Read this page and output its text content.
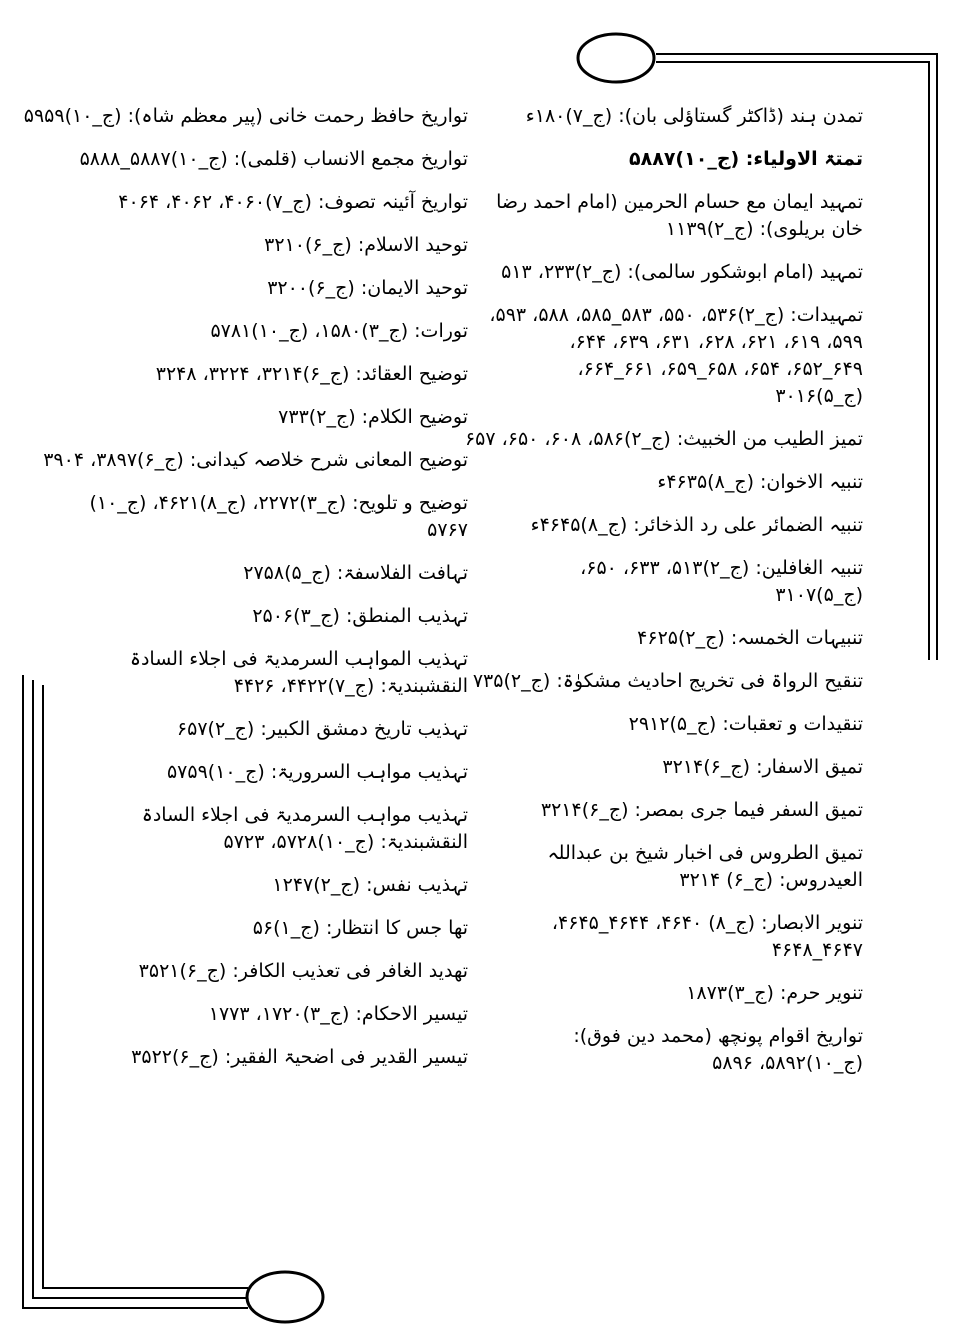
تمدن ہند (ڈاکٹر گستاؤلی بان): (ج_۷)۱۸۰ء
تمتۃ الاولیاء: (ج_۱۰)۵۸۸۷
تمہید ایمان مع حسام الحرمین (امام احمد رضا خان بریلوی): (ج_۲)۱۱۳۹
تمہید (امام ابوشکور سالمی): (ج_۲)۲۳۳، ۵۱۳
تمہیدات: (ج_۲)۵۳۶، ۵۵۰، ۵۸۳_۵۸۵، ۵۸۸، ۵۹۳، ۵۹۹، ۶۱۹، ۶۲۱، ۶۲۸، ۶۳۱، ۶۳۹، ۶۴۴، ۶۴۹_۶۵۲، ۶۵۴، ۶۵۸_۶۵۹، ۶۶۱_۶۶۴، (ج_۵)۳۰۱۶
تمیز الطیب من الخبیث: (ج_۲)۵۸۶، ۶۰۸، ۶۵۰، ۶۵۷
تنبیہ الاخوان: (ج_۸)۴۶۳۵ء
تنبیہ الضمائر علی رد الذخائر: (ج_۸)۴۶۴۵ء
تنبیہ الغافلین: (ج_۲)۵۱۳، ۶۳۳، ۶۵۰، (ج_۵)۳۱۰۷
تنبیہات الخمسہ: (ج_۲)۴۶۲۵
تنقیح الرواۃ فی تخریج احادیث مشکوٰۃ: (ج_۲)۷۳۵
تنقیدات و تعقبات: (ج_۵)۲۹۱۲
تمیق الاسفار: (ج_۶)۳۲۱۴
تمیق السفر فیما جری بمصر: (ج_۶)۳۲۱۴
تمیق الطروس فی اخبار شیخ بن عبداللہ العیدروس: (ج_۶) ۳۲۱۴
تنویر الابصار: (ج_۸) ۴۶۴۰، ۴۶۴۴_۴۶۴۵، ۴۶۴۷_۴۶۴۸
تنویر حرم: (ج_۳)۱۸۷۳
تواریخ اقوام پونچھ (محمد دین فوق): (ج_۱۰)۵۸۹۲، ۵۸۹۶
تواریخ حافظ رحمت خانی (پیر معظم شاہ): (ج_۱۰)۵۹۵۹
تواریخ مجمع الانساب (قلمی): (ج_۱۰)۵۸۸۷_۵۸۸۸
تواریخ آئینہ تصوف: (ج_۷)۴۰۶۰، ۴۰۶۲، ۴۰۶۴
توحید الاسلام: (ج_۶)۳۲۱۰
توحید الایمان: (ج_۶)۳۲۰۰
تورات: (ج_۳)۱۵۸۰، (ج_۱۰)۵۷۸۱
توضیح العقائد: (ج_۶)۳۲۱۴، ۳۲۲۴، ۳۲۴۸
توضیح الکلام: (ج_۲)۷۳۳
توضیح المعانی شرح خلاصہ کیدانی: (ج_۶)۳۸۹۷، ۳۹۰۴
توضیح و تلویح: (ج_۳)۲۲۷۲، (ج_۸)۴۶۲۱، (ج_۱۰) ۵۷۶۷
تہافت الفلاسفۃ: (ج_۵)۲۷۵۸
تہذیب المنطق: (ج_۳)۲۵۰۶
تہذیب المواہب السرمدیۃ فی اجلاء السادۃ النقشبندیۃ: (ج_۷)۴۴۲۲، ۴۴۲۶
تہذیب تاریخ دمشق الکبیر: (ج_۲)۶۵۷
تہذیب مواہب السروریۃ: (ج_۱۰)۵۷۵۹
تہذیب مواہب السرمدیۃ فی اجلاء السادۃ النقشبندیۃ: (ج_۱۰)۵۷۲۸، ۵۷۲۳
تہذیب نفس: (ج_۲)۱۲۴۷
تھا جس کا انتظار: (ج_۱)۵۶
تھدید الغافر فی تعذیب الکافر: (ج_۶)۳۵۲۱
تیسیر الاحکام: (ج_۳)۱۷۲۰، ۱۷۷۳
تیسیر القدیر فی اضحیۃ الفقیر: (ج_۶)۳۵۲۲
